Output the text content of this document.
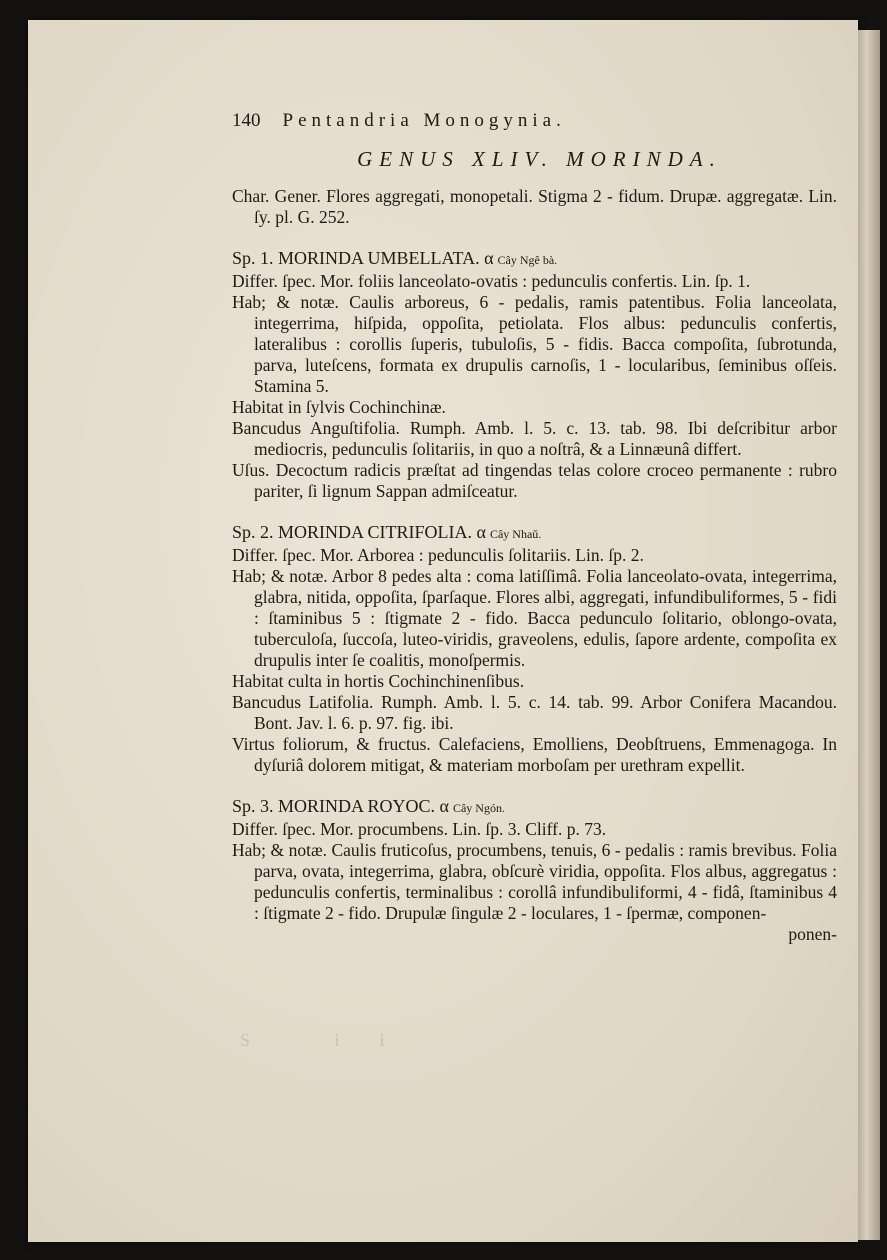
140 Pentandria Monogynia.
GENUS XLIV. MORINDA.

Char. Gener. Flores aggregati, monopetali. Stigma 2 - fidum. Drupæ. aggregatæ. Lin. ſy. pl. G. 252.

Sp. 1. MORINDA UMBELLATA. α Cây Ngê bà.

Differ. ſpec. Mor. foliis lanceolato-ovatis : pedunculis confertis. Lin. ſp. 1.

Hab; & notæ. Caulis arboreus, 6 - pedalis, ramis patentibus. Folia lanceolata, integerrima, hiſpida, oppoſita, petiolata. Flos albus: pedunculis confertis, lateralibus : corollis ſuperis, tubuloſis, 5 - fidis. Bacca compoſita, ſubrotunda, parva, luteſcens, formata ex drupulis carnoſis, 1 - locularibus, ſeminibus oſſeis. Stamina 5.

Habitat in ſylvis Cochinchinæ.

Bancudus Anguſtifolia. Rumph. Amb. l. 5. c. 13. tab. 98. Ibi deſcribitur arbor mediocris, pedunculis ſolitariis, in quo a noſtrâ, & a Linnæunâ differt.

Uſus. Decoctum radicis præſtat ad tingendas telas colore croceo permanente : rubro pariter, ſi lignum Sappan admiſceatur.

Sp. 2. MORINDA CITRIFOLIA. α Cây Nhaŭ.

Differ. ſpec. Mor. Arborea : pedunculis ſolitariis. Lin. ſp. 2.

Hab; & notæ. Arbor 8 pedes alta : coma latiſſimâ. Folia lanceolato-ovata, integerrima, glabra, nitida, oppoſita, ſparſaque. Flores albi, aggregati, infundibuliformes, 5 - fidi : ſtaminibus 5 : ſtigmate 2 - fido. Bacca pedunculo ſolitario, oblongo-ovata, tuberculoſa, ſuccoſa, luteo-viridis, graveolens, edulis, ſapore ardente, compoſita ex drupulis inter ſe coalitis, monoſpermis.

Habitat culta in hortis Cochinchinenſibus.

Bancudus Latifolia. Rumph. Amb. l. 5. c. 14. tab. 99. Arbor Conifera Macandou. Bont. Jav. l. 6. p. 97. fig. ibi.

Virtus foliorum, & fructus. Calefaciens, Emolliens, Deobſtruens, Emmenagoga. In dyſuriâ dolorem mitigat, & materiam morboſam per urethram expellit.

Sp. 3. MORINDA ROYOC. α Cây Ngón.

Differ. ſpec. Mor. procumbens. Lin. ſp. 3. Cliff. p. 73.

Hab; & notæ. Caulis fruticoſus, procumbens, tenuis, 6 - pedalis : ramis brevibus. Folia parva, ovata, integerrima, glabra, obſcurè viridia, oppoſita. Flos albus, aggregatus : pedunculis confertis, terminalibus : corollâ infundibuliformi, 4 - fidâ, ſtaminibus 4 : ſtigmate 2 - fido. Drupulæ ſingulæ 2 - loculares, 1 - ſpermæ, componen-

ponen-

S ii
